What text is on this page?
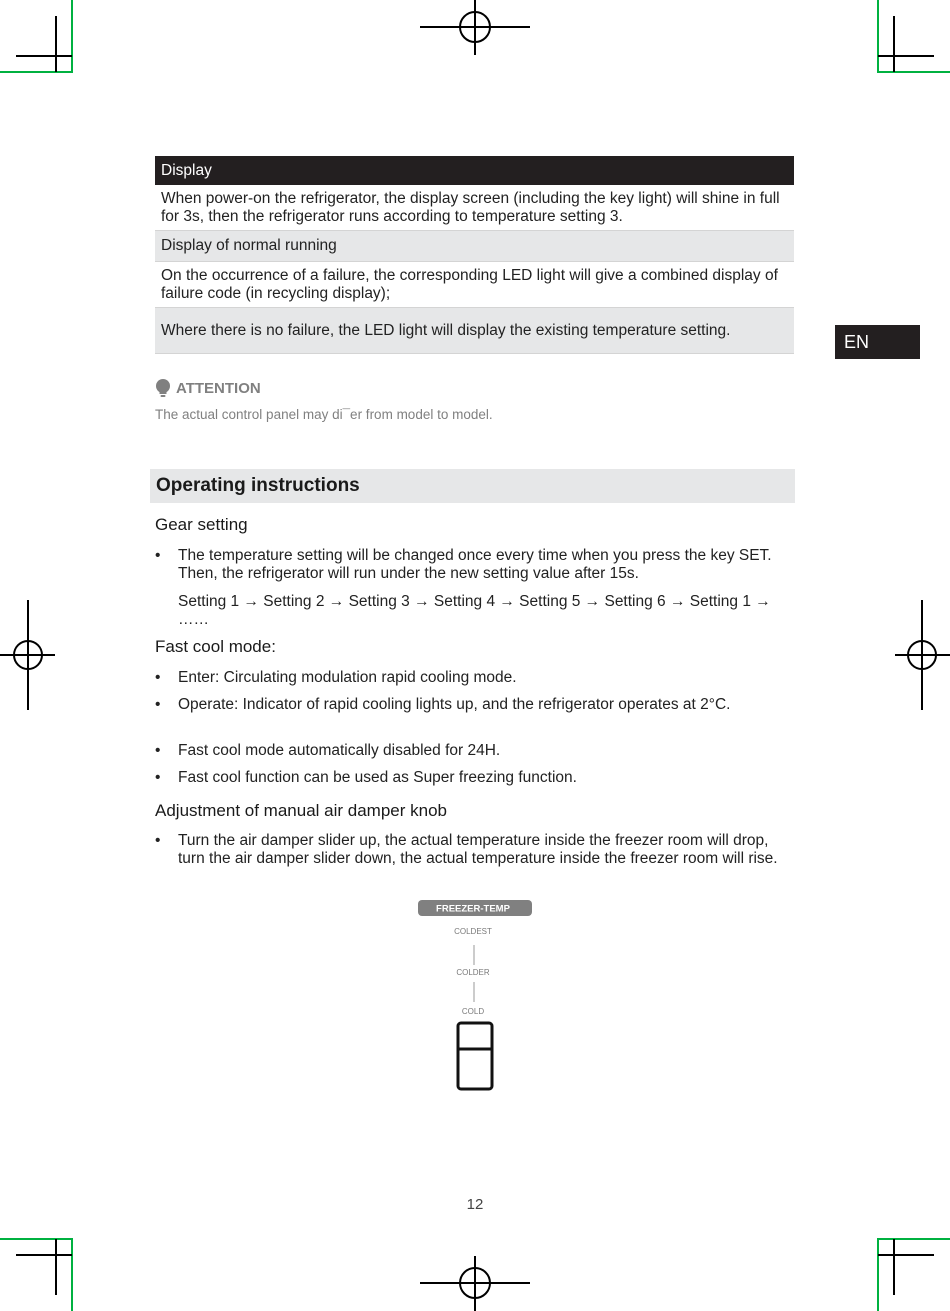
Display
When power-on the refrigerator, the display screen (including the key light) will shine in full for 3s, then the refrigerator runs according to temperature setting 3.
Display of normal running
On the occurrence of a failure, the corresponding LED light will give a combined display of failure code (in recycling display);
Where there is no failure, the LED light will display the existing temperature setting.
EN
ATTENTION
The actual control panel may di¯er from model to model.
Operating instructions
Gear setting
• The temperature setting will be changed once every time when you press the key SET. Then, the refrigerator will run under the new setting value after 15s.
Setting 1 → Setting 2 → Setting 3 → Setting 4 → Setting 5 → Setting 6 → Setting 1 → ……
Fast cool mode:
• Enter: Circulating modulation rapid cooling mode.
• Operate: Indicator of rapid cooling lights up, and the refrigerator operates at 2°C.
• Fast cool mode automatically disabled for 24H.
• Fast cool function can be used as Super freezing function.
Adjustment of manual air damper knob
• Turn the air damper slider up, the actual temperature inside the freezer room will drop, turn the air damper slider down, the actual temperature inside the freezer room will rise.
FREEZER-TEMP
COLDEST
COLDER
COLD
12
